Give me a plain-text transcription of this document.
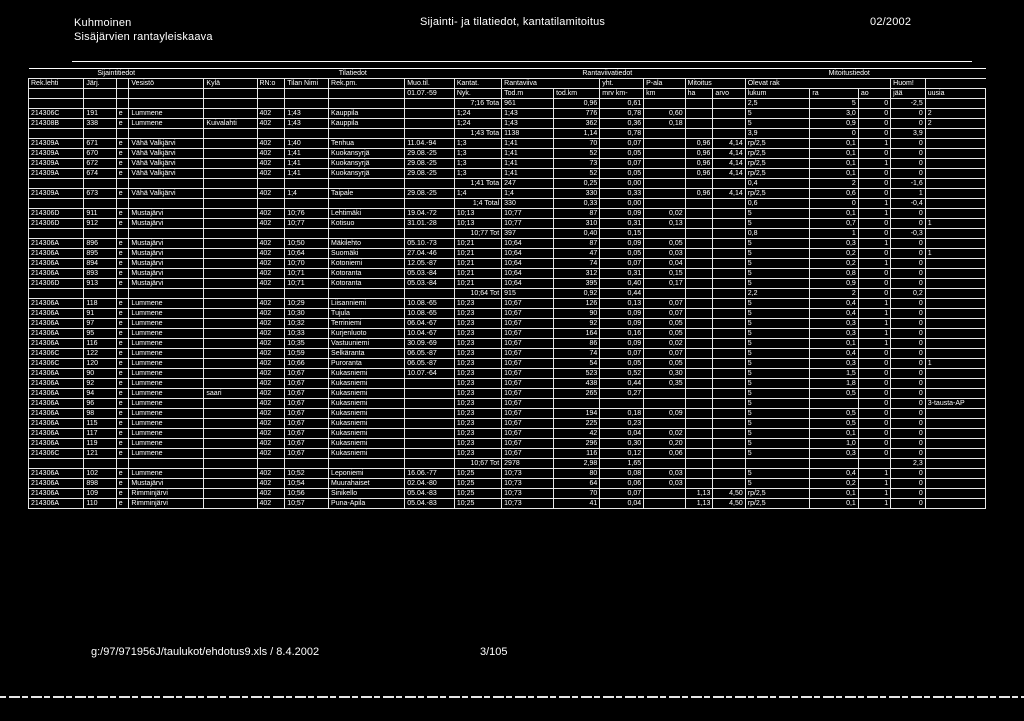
Kuhmoinen
Sisäjärvien rantayleiskaava
Sijainti- ja tilatiedot, kantatilamitoitus	02/2002
Sijaintitiedot				Tilatiedot						Rantaviivatiedot					Mitoitustiedot					
Rek.lehti	Järj.		Vesistö	Kylä	RN:o	Tilan Nimi	Rek.pm.	Muo.til.	Kantat.	Rantaviiva		yht.	P-ala	Mitoitus		Olevat rak			Huom!	
								01.07.-59	Nyk.	Tod.m	tod.km	mrv km-	km	ha	arvo	lukum	ra	ao	jää	uusia
									7;16 Tota	961	0,96	0,61				2,5	5	0	-2,5	
214306C	191	e	Lummene		402	1;43	Kauppila		1;24	1;43	776	0,78	0,60			5	3,0	0	0	2
214308B	338	e	Lummene	Kuivalahti	402	1;43	Kauppila		1;24	1;43	362	0,36	0,18			5	0,9	0	0	2
									1;43 Tota	1138	1,14	0,78				3,9	0	0	3,9	
214309A	671	e	Vähä Valkjärvi		402	1;40	Tenhua	11.04.-94	1;3	1;41	70	0,07		0,96	4,14	rp/2,5	0,1	1	0	
214309A	670	e	Vähä Valkjärvi		402	1;41	Kuokansyrjä	29.08.-25	1;3	1;41	52	0,05		0,96	4,14	rp/2,5	0,1	0	0	
214309A	672	e	Vähä Valkjärvi		402	1;41	Kuokansyrjä	29.08.-25	1;3	1;41	73	0,07		0,96	4,14	rp/2,5	0,1	1	0	
214309A	674	e	Vähä Valkjärvi		402	1;41	Kuokansyrjä	29.08.-25	1;3	1;41	52	0,05		0,96	4,14	rp/2,5	0,1	0	0	
									1;41 Tota	247	0,25	0,00				0,4	2	0	-1,6	
214309A	673	e	Vähä Valkjärvi		402	1;4	Taipale	29.08.-25	1;4	1;4	330	0,33		0,96	4,14	rp/2,5	0,6	0	1	
									1;4 Total	330	0,33	0,00				0,6	0	1	-0,4	
214306D	911	e	Mustajärvi		402	10;76	Lehtimäki	19.04.-72	10;13	10;77	87	0,09	0,02			5	0,1	1	0	
214306D	912	e	Mustajärvi		402	10;77	Kotisuo	31.01.-28	10;13	10;77	310	0,31	0,13			5	0,7	0	0	1
									10;77 Tot	397	0,40	0,15				0,8	1	0	-0,3	
214306A	896	e	Mustajärvi		402	10;50	Mäkilehto	05.10.-73	10;21	10;64	87	0,09	0,05			5	0,3	1	0	
214306A	895	e	Mustajärvi		402	10;64	Suomäki	27.04.-46	10;21	10;64	47	0,05	0,03			5	0,2	0	0	1
214306A	894	e	Mustajärvi		402	10;70	Kotoniemi	12.05.-87	10;21	10;64	74	0,07	0,04			5	0,2	1	0	
214306A	893	e	Mustajärvi		402	10;71	Kotoranta	05.03.-84	10;21	10;64	312	0,31	0,15			5	0,8	0	0	
214306D	913	e	Mustajärvi		402	10;71	Kotoranta	05.03.-84	10;21	10;64	395	0,40	0,17			5	0,9	0	0	
									10;64 Tot	915	0,92	0,44				2,2	2	0	0,2	
214306A	118	e	Lummene		402	10;29	Liisanniemi	10.08.-65	10;23	10;67	126	0,13	0,07			5	0,4	1	0	
214306A	91	e	Lummene		402	10;30	Tujula	10.08.-65	10;23	10;67	90	0,09	0,07			5	0,4	1	0	
214306A	97	e	Lummene		402	10;32	Terriniemi	06.04.-67	10;23	10;67	92	0,09	0,05			5	0,3	1	0	
214306A	95	e	Lummene		402	10;33	Kurjenluoto	10.04.-67	10;23	10;67	164	0,16	0,05			5	0,3	1	0	
214306A	116	e	Lummene		402	10;35	Vastuuniemi	30.09.-69	10;23	10;67	86	0,09	0,02			5	0,1	1	0	
214306C	122	e	Lummene		402	10;59	Selkäranta	06.05.-87	10;23	10;67	74	0,07	0,07			5	0,4	0	0	
214306C	120	e	Lummene		402	10;66	Puroranta	06.05.-87	10;23	10;67	54	0,05	0,05			5	0,3	0	0	1
214306A	90	e	Lummene		402	10;67	Kukasniemi	10.07.-64	10;23	10;67	523	0,52	0,30			5	1,5	0	0	
214306A	92	e	Lummene		402	10;67	Kukasniemi		10;23	10;67	438	0,44	0,35			5	1,8	0	0	
214306A	94	e	Lummene	saari	402	10;67	Kukasniemi		10;23	10;67	265	0,27				5	0,5	0	0	
214306A	96	e	Lummene		402	10;67	Kukasniemi		10;23	10;67						5		0	0	3-tausta-AP
214306A	98	e	Lummene		402	10;67	Kukasniemi		10;23	10;67	194	0,18	0,09			5	0,5	0	0	
214306A	115	e	Lummene		402	10;67	Kukasniemi		10;23	10;67	225	0,23				5	0,5	0	0	
214306A	117	e	Lummene		402	10;67	Kukasniemi		10;23	10;67	42	0,04	0,02			5	0,1	0	0	
214306A	119	e	Lummene		402	10;67	Kukasniemi		10;23	10;67	296	0,30	0,20			5	1,0	0	0	
214306C	121	e	Lummene		402	10;67	Kukasniemi		10;23	10;67	116	0,12	0,06			5	0,3	0	0	
									10;67 Tot	2978	2,98	1,65							2,3	
214306A	102	e	Lummene		402	10;52	Leponiemi	16.06.-77	10;25	10;73	80	0,08	0,03			5	0,4	1	0	
214306A	898	e	Mustajärvi		402	10;54	Muurahaiset	02.04.-80	10;25	10;73	64	0,06	0,03			5	0,2	1	0	
214306A	109	e	Rimminjärvi		402	10;56	Sinikello	05.04.-83	10;25	10;73	70	0,07		1,13	4,50	rp/2,5	0,1	1	0	
214306A	110	e	Rimminjärvi		402	10;57	Puna-Apila	05.04.-83	10;25	10;73	41	0,04		1,13	4,50	rp/2,5	0,1	1	0	
g:/97/971956J/taulukot/ehdotus9.xls / 8.4.2002	3/105
